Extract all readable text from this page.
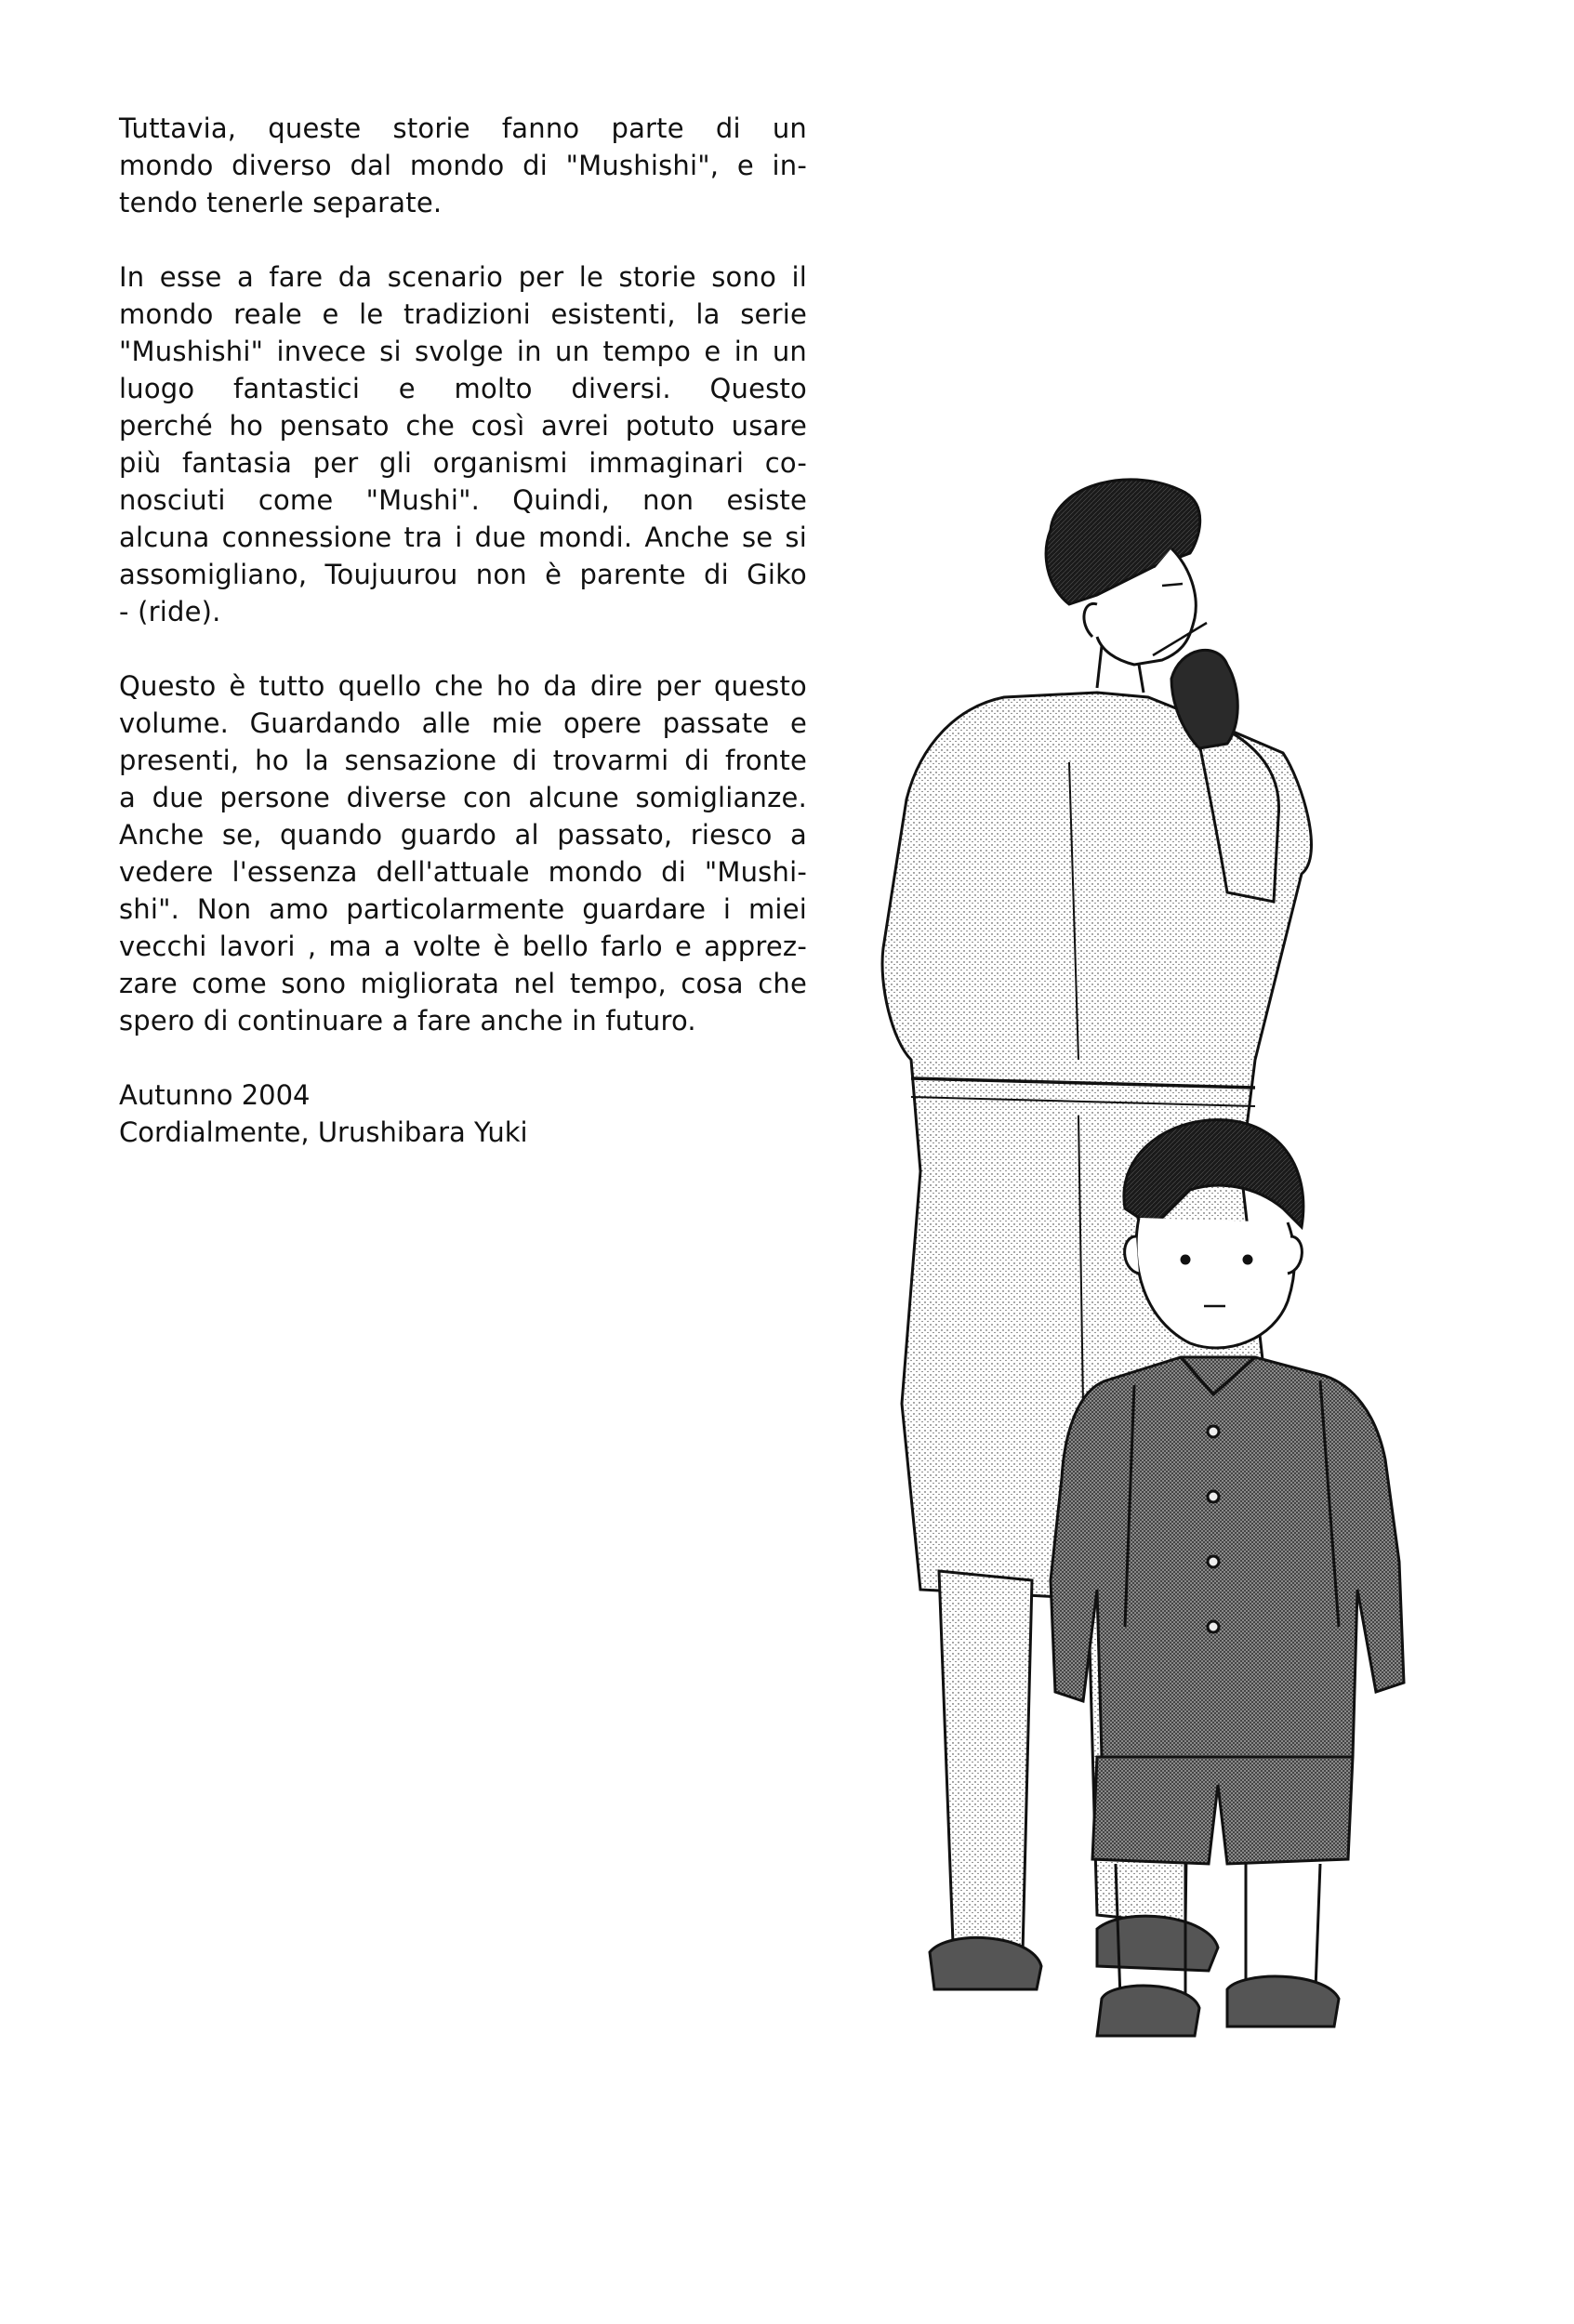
Tuttavia, queste storie fanno parte di un
mondo diverso dal mondo di "Mushishi", e in-
tendo tenerle separate.

In esse a fare da scenario per le storie sono il
mondo reale e le tradizioni esistenti, la serie
"Mushishi" invece si svolge in un tempo e in un
luogo fantastici e molto diversi. Questo
perché ho pensato che così avrei potuto usare
più fantasia per gli organismi immaginari co-
nosciuti come "Mushi". Quindi, non esiste
alcuna connessione tra i due mondi. Anche se si
assomigliano, Toujuurou non è parente di Giko
- (ride).

Questo è tutto quello che ho da dire per questo
volume. Guardando alle mie opere passate e
presenti, ho la sensazione di trovarmi di fronte
a due persone diverse con alcune somiglianze.
Anche se, quando guardo al passato, riesco a
vedere l'essenza dell'attuale mondo di "Mushi-
shi". Non amo particolarmente guardare i miei
vecchi lavori , ma a volte è bello farlo e apprez-
zare come sono migliorata nel tempo, cosa che
spero di continuare a fare anche in futuro.

Autunno 2004
Cordialmente, Urushibara Yuki
